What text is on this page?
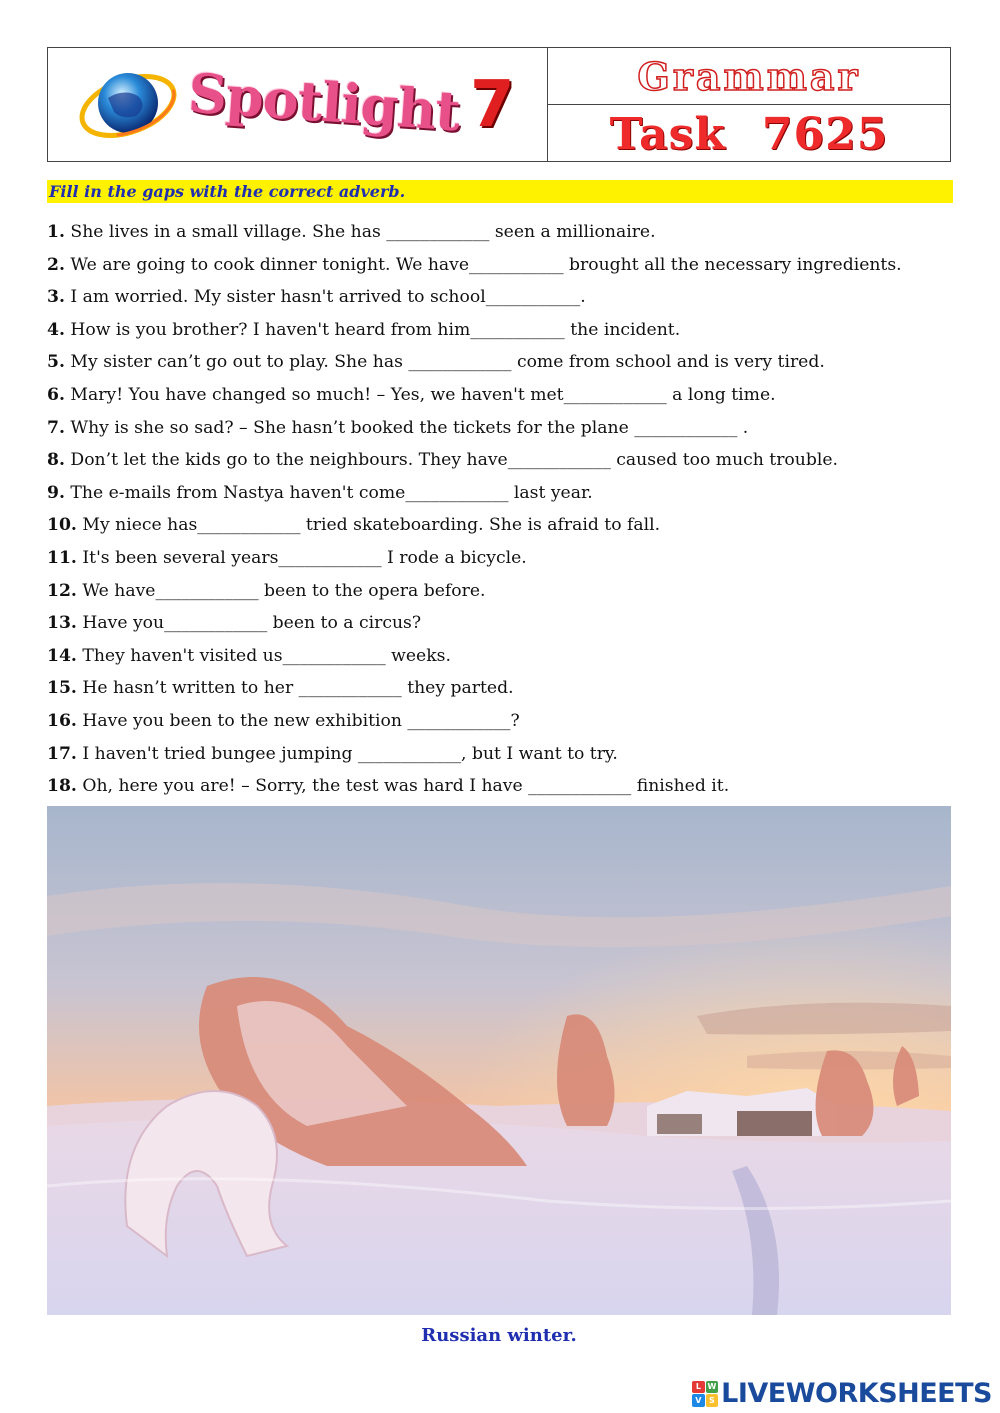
Spotlight 7	Grammar
Task 7625
Fill in the gaps with the correct adverb.
1. She lives in a small village. She has ____________ seen a millionaire.
2. We are going to cook dinner tonight. We have___________ brought all the necessary ingredients.
3. I am worried. My sister hasn't arrived to school___________.
4. How is you brother? I haven't heard from him___________ the incident.
5. My sister can’t go out to play. She has ____________ come from school and is very tired.
6. Mary! You have changed so much! – Yes, we haven't met____________ a long time.
7. Why is she so sad? – She hasn’t booked the tickets for the plane ____________ .
8. Don’t let the kids go to the neighbours. They have____________ caused too much trouble.
9. The e-mails from Nastya haven't come____________ last year.
10. My niece has____________ tried skateboarding. She is afraid to fall.
11. It's been several years____________ I rode a bicycle.
12. We have____________ been to the opera before.
13. Have you____________ been to a circus?
14. They haven't visited us____________ weeks.
15. He hasn’t written to her ____________ they parted.
16. Have you been to the new exhibition ____________?
17. I haven't tried bungee jumping ____________, but I want to try.
18. Oh, here you are! – Sorry, the test was hard I have ____________ finished it.
Russian winter.
L W
V S LIVEWORKSHEETS
